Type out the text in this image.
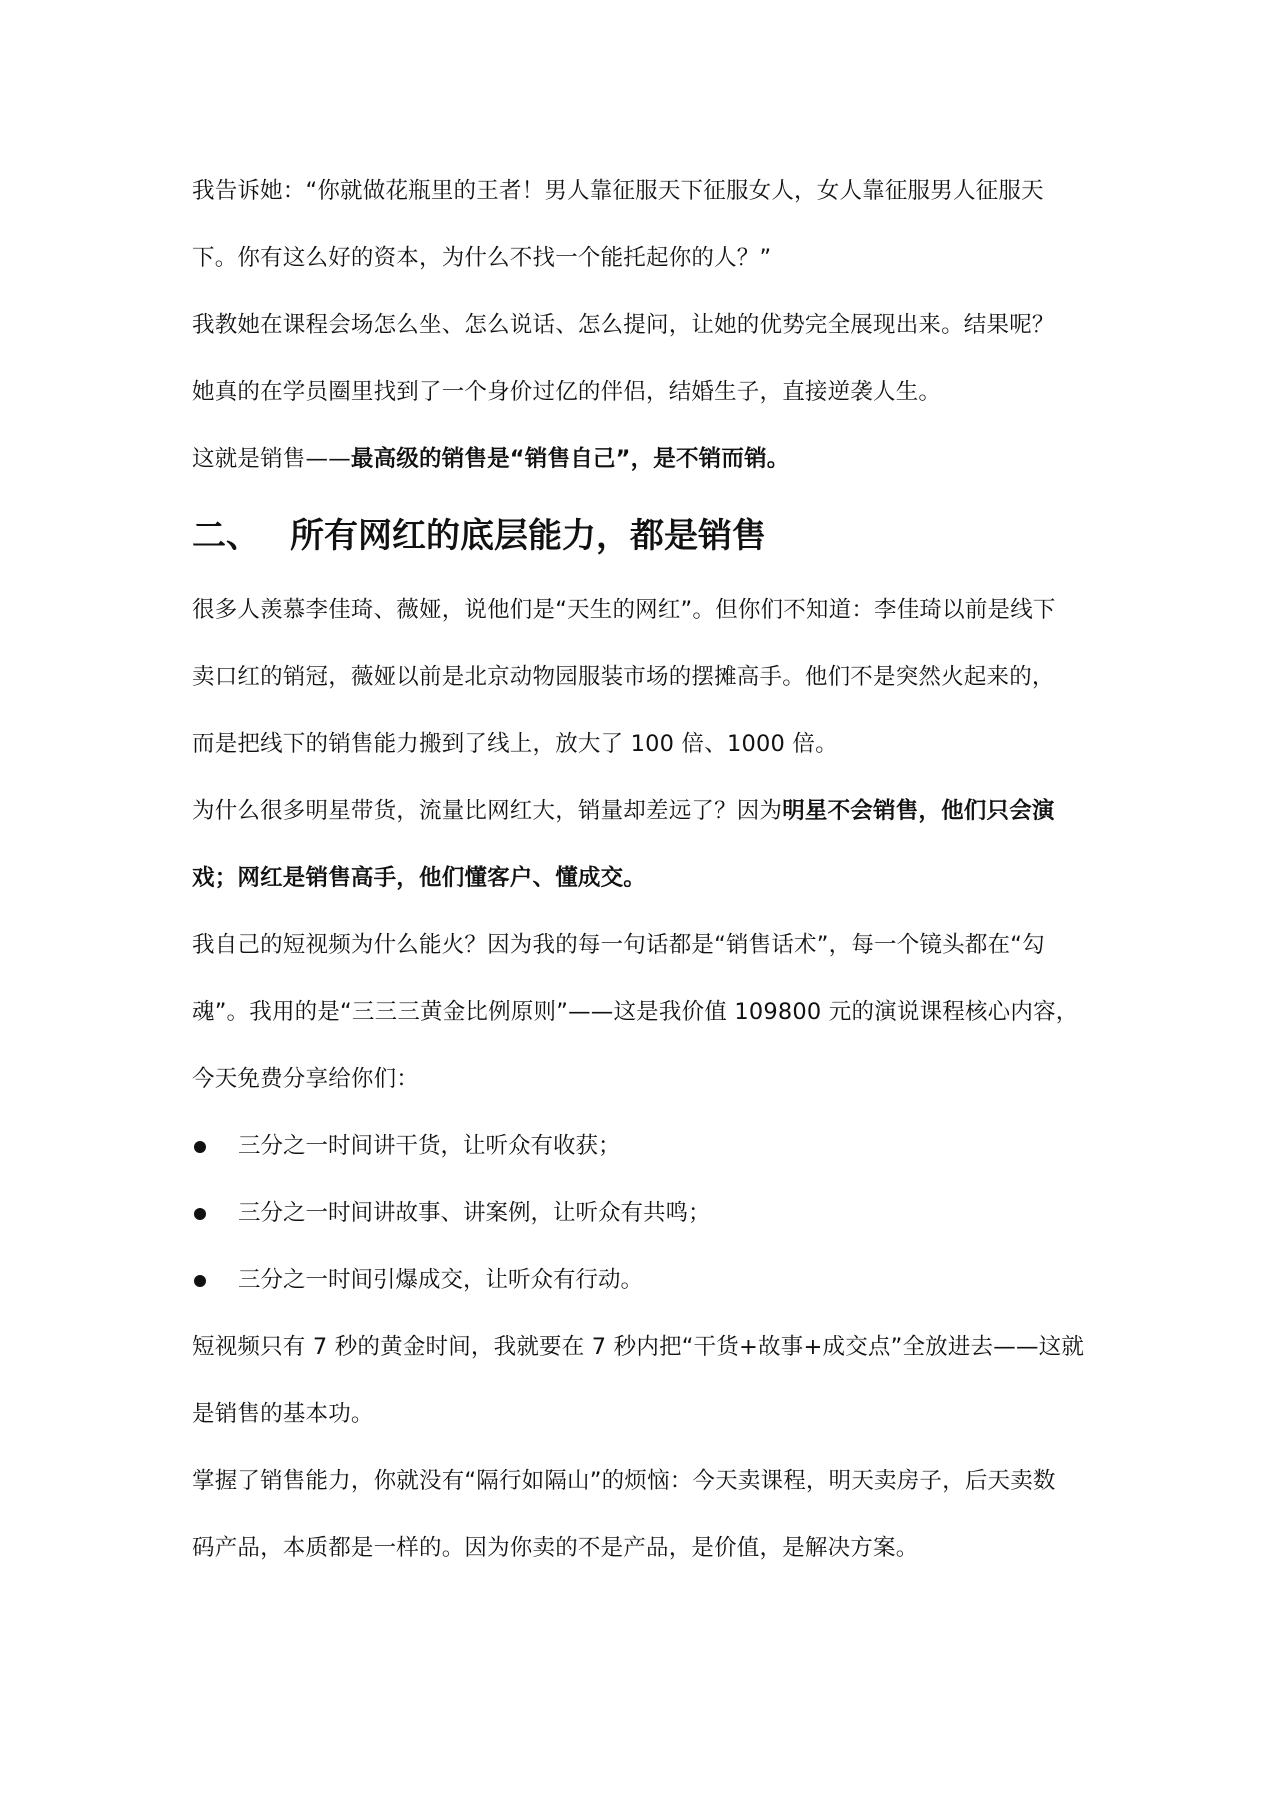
我告诉她：“你就做花瓶里的王者！男人靠征服天下征服女人，女人靠征服男人征服天

下。你有这么好的资本，为什么不找一个能托起你的人？”

我教她在课程会场怎么坐、怎么说话、怎么提问，让她的优势完全展现出来。结果呢？

她真的在学员圈里找到了一个身价过亿的伴侣，结婚生子，直接逆袭人生。

这就是销售——最高级的销售是“销售自己”，是不销而销。

二、 所有网红的底层能力，都是销售

很多人羡慕李佳琦、薇娅，说他们是“天生的网红”。但你们不知道：李佳琦以前是线下

卖口红的销冠，薇娅以前是北京动物园服装市场的摆摊高手。他们不是突然火起来的，

而是把线下的销售能力搬到了线上，放大了 100 倍、1000 倍。

为什么很多明星带货，流量比网红大，销量却差远了？因为明星不会销售，他们只会演

戏；网红是销售高手，他们懂客户、懂成交。

我自己的短视频为什么能火？因为我的每一句话都是“销售话术”，每一个镜头都在“勾

魂”。我用的是“三三三黄金比例原则”——这是我价值 109800 元的演说课程核心内容，

今天免费分享给你们：

三分之一时间讲干货，让听众有收获；
三分之一时间讲故事、讲案例，让听众有共鸣；
三分之一时间引爆成交，让听众有行动。

短视频只有 7 秒的黄金时间，我就要在 7 秒内把“干货+故事+成交点”全放进去——这就

是销售的基本功。

掌握了销售能力，你就没有“隔行如隔山”的烦恼：今天卖课程，明天卖房子，后天卖数

码产品，本质都是一样的。因为你卖的不是产品，是价值，是解决方案。
